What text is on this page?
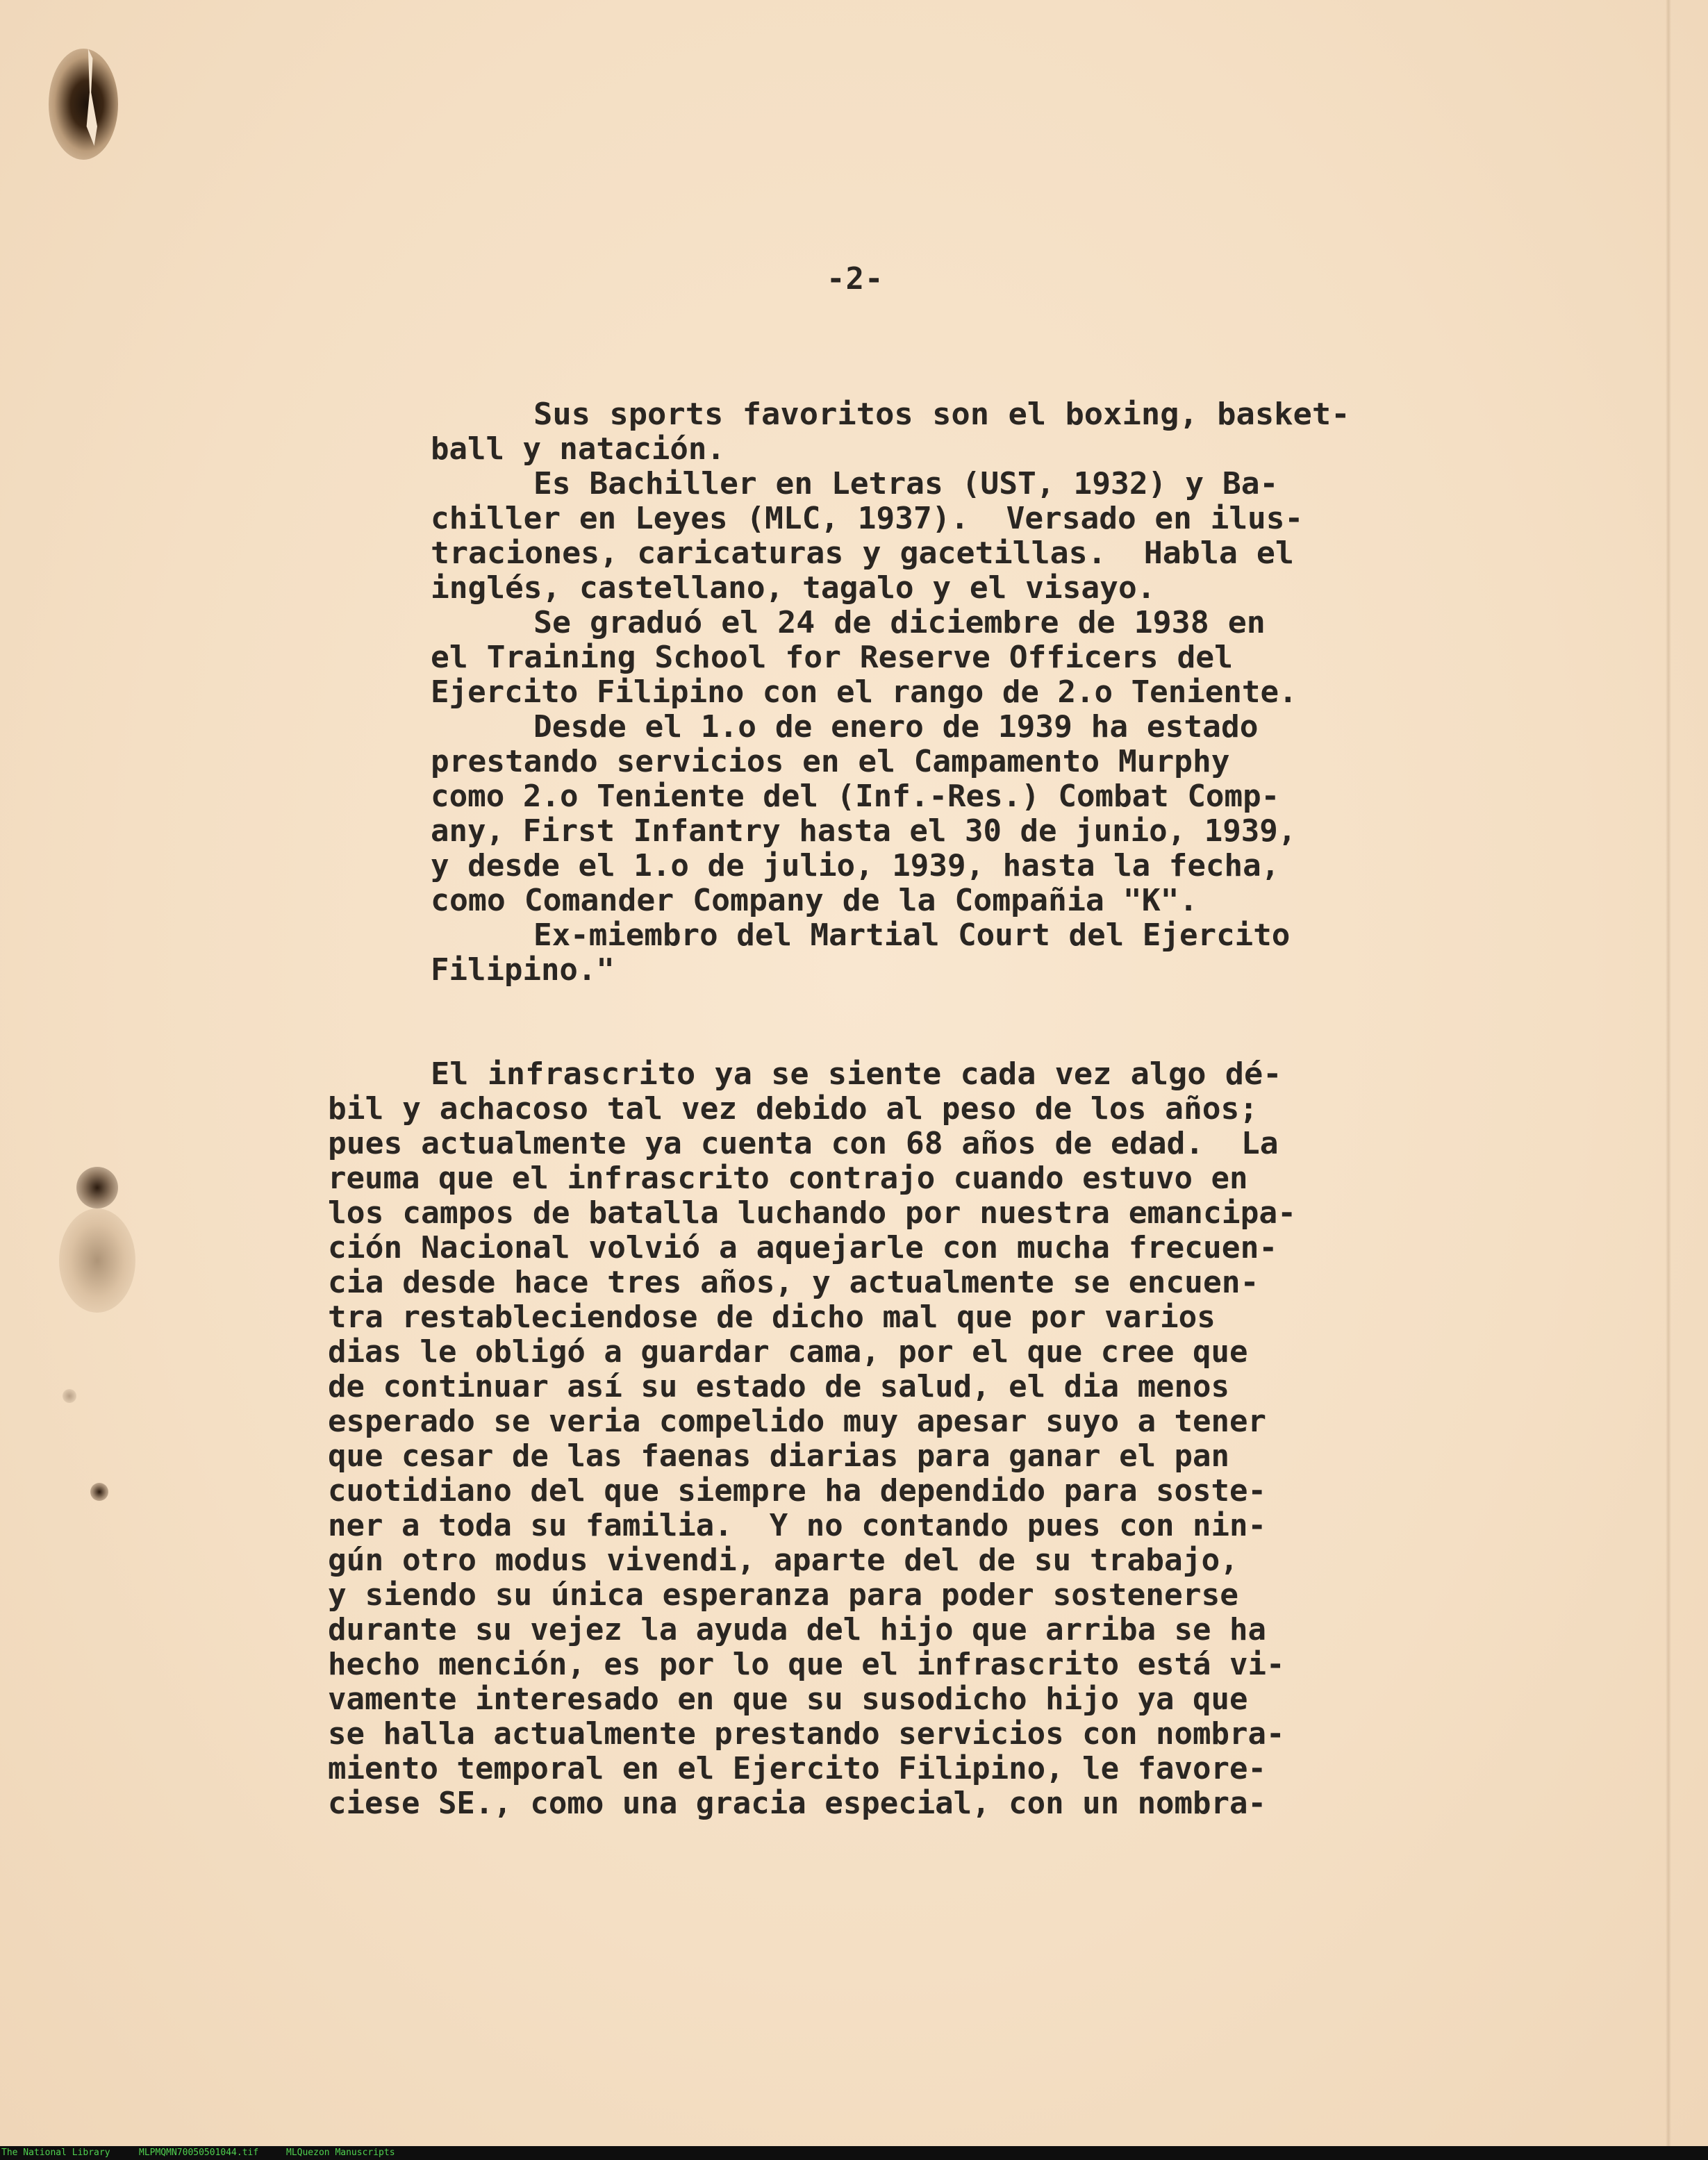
-2-
Sus sports favoritos son el boxing, basket-
ball y natación.
Es Bachiller en Letras (UST, 1932) y Ba-
chiller en Leyes (MLC, 1937).  Versado en ilus-
traciones, caricaturas y gacetillas.  Habla el
inglés, castellano, tagalo y el visayo.
Se graduó el 24 de diciembre de 1938 en
el Training School for Reserve Officers del
Ejercito Filipino con el rango de 2.o Teniente.
Desde el 1.o de enero de 1939 ha estado
prestando servicios en el Campamento Murphy
como 2.o Teniente del (Inf.-Res.) Combat Comp-
any, First Infantry hasta el 30 de junio, 1939,
y desde el 1.o de julio, 1939, hasta la fecha,
como Comander Company de la Compañia "K".
Ex-miembro del Martial Court del Ejercito
Filipino."
El infrascrito ya se siente cada vez algo dé-
bil y achacoso tal vez debido al peso de los años;
pues actualmente ya cuenta con 68 años de edad.  La
reuma que el infrascrito contrajo cuando estuvo en
los campos de batalla luchando por nuestra emancipa-
ción Nacional volvió a aquejarle con mucha frecuen-
cia desde hace tres años, y actualmente se encuen-
tra restableciendose de dicho mal que por varios
dias le obligó a guardar cama, por el que cree que
de continuar así su estado de salud, el dia menos
esperado se veria compelido muy apesar suyo a tener
que cesar de las faenas diarias para ganar el pan
cuotidiano del que siempre ha dependido para soste-
ner a toda su familia.  Y no contando pues con nin-
gún otro modus vivendi, aparte del de su trabajo,
y siendo su única esperanza para poder sostenerse
durante su vejez la ayuda del hijo que arriba se ha
hecho mención, es por lo que el infrascrito está vi-
vamente interesado en que su susodicho hijo ya que
se halla actualmente prestando servicios con nombra-
miento temporal en el Ejercito Filipino, le favore-
ciese SE., como una gracia especial, con un nombra-

The National Library

	MLPMQMN70050501044.tif

	MLQuezon Manuscripts
